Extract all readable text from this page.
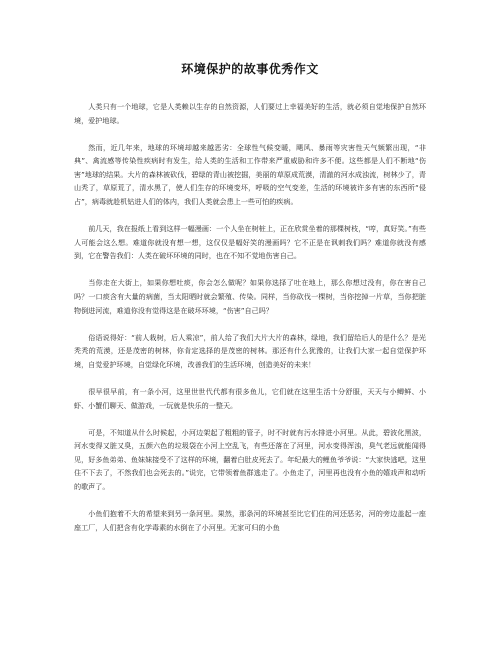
环境保护的故事优秀作文

人类只有一个地球，它是人类赖以生存的自然资源，人们要过上幸福美好的生活，就必须自觉地保护自然环境，爱护地球。

然而，近几年来，地球的环境却越来越恶劣：全球性气候变暖，飓风、暴雨等灾害性天气频繁出现，“非典”、禽流感等传染性疾病时有发生，给人类的生活和工作带来严重威胁和许多不便。这些都是人们不断地“伤害”地球的结果。大片的森林被砍伐，碧绿的青山被挖掘，美丽的草原成荒漠，清澈的河水成浊流，树林少了，青山秃了，草原荒了，清水黑了，使人们生存的环境变坏，呼吸的空气变差，生活的环境被许多有害的东西所“侵占”，病毒就趁机钻进人们的体内，我们人类就会患上一些可怕的疾病。

前几天，我在报纸上看到这样一幅漫画：一个人坐在树桩上，正在欣赏坐着的那棵树枝，“哼，真好笑。”有些人可能会这么想。难道你就没有想一想，这仅仅是幅好笑的漫画吗？它不正是在讽刺我们吗？难道你就没有感到，它在警告我们：人类在破坏环境的同时，也在不知不觉地伤害自己。

当你走在大街上，如果你想吐痰，你会怎么做呢？如果你选择了吐在地上，那么你想过没有，你在害自己吗？一口痰含有大量的病菌，当太阳晒时就会繁殖、传染。同样，当你砍伐一棵树，当你挖掉一片草，当你把脏物倒进河流，难道你没有觉得这是在破坏环境，“伤害”自己吗？

俗语说得好：“前人栽树，后人乘凉”，前人给了我们大片大片的森林，绿地，我们留给后人的是什么？是光秃秃的荒漠，还是茂密的树林，你肯定选择的是茂密的树林。那还有什么犹豫的，让我们大家一起自觉保护环境，自觉爱护环境，自觉绿化环境，改善我们的生活环境，创造美好的未来！

很早很早前，有一条小河，这里世世代代都有很多鱼儿，它们就在这里生活十分舒服，天天与小鲫鲜、小虾、小蟹们聊天、做游戏，一玩就是快乐的一整天。

可是，不知道从什么时候起，小河边架起了粗粗的管子，时不时就有污水排进小河里。从此，碧波化黑波，河水变得又脏又臭，五颜六色的垃圾袋在小河上空乱飞，有些还落在了河里，河水变得浑浊，臭气老远就能闻得见，好多鱼弟弟、鱼妹妹接受不了这样的环境，翻着白肚皮死去了。年纪最大的鲤鱼爷爷说：“大家快逃吧，这里住不下去了，不然我们也会死去的。”说完，它带领着鱼群逃走了。小鱼走了，河里再也没有小鱼的嬉戏声和动听的歌声了。

小鱼们抱着不大的希望来到另一条河里。果然，那条河的环境甚至比它们住的河还恶劣，河的旁边盖起一座座工厂，人们把含有化学毒素的水倒在了小河里。无家可归的小鱼
